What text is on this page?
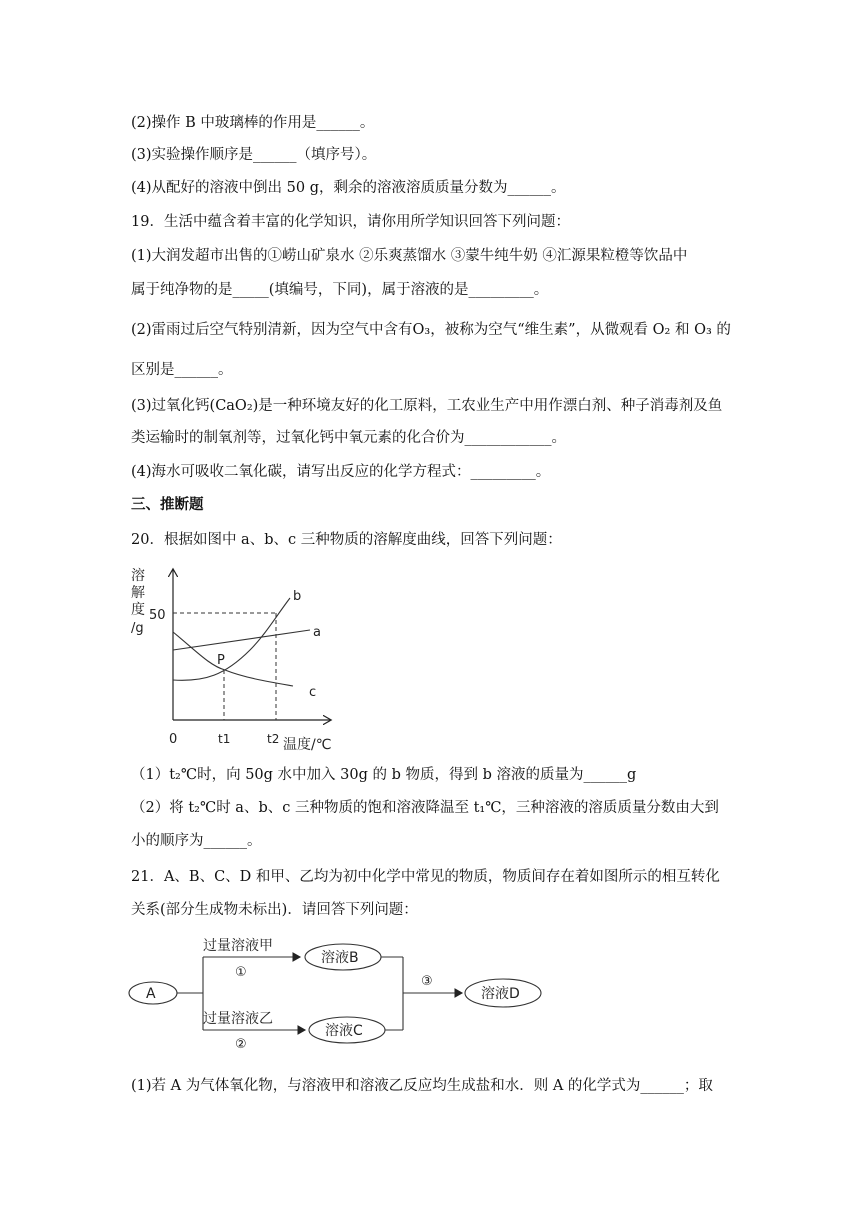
(2)操作 B 中玻璃棒的作用是______。
(3)实验操作顺序是______（填序号）。
(4)从配好的溶液中倒出 50 g，剩余的溶液溶质质量分数为______。
19．生活中蕴含着丰富的化学知识，请你用所学知识回答下列问题：
(1)大润发超市出售的①崂山矿泉水 ②乐爽蒸馏水 ③蒙牛纯牛奶 ④汇源果粒橙等饮品中
属于纯净物的是_____(填编号，下同)，属于溶液的是_________。
(2)雷雨过后空气特别清新，因为空气中含有O₃，被称为空气“维生素”，从微观看 O₂ 和 O₃ 的
区别是______。
(3)过氧化钙(CaO₂)是一种环境友好的化工原料，工农业生产中用作漂白剂、种子消毒剂及鱼
类运输时的制氧剂等，过氧化钙中氧元素的化合价为____________。
(4)海水可吸收二氧化碳，请写出反应的化学方程式：_________。
三、推断题
20．根据如图中 a、b、c 三种物质的溶解度曲线，回答下列问题：
（1）t₂℃时，向 50g 水中加入 30g 的 b 物质，得到 b 溶液的质量为______g
（2）将 t₂℃时 a、b、c 三种物质的饱和溶液降温至 t₁℃，三种溶液的溶质质量分数由大到
小的顺序为______。
21．A、B、C、D 和甲、乙均为初中化学中常见的物质，物质间存在着如图所示的相互转化
关系(部分生成物未标出)．请回答下列问题：
(1)若 A 为气体氧化物，与溶液甲和溶液乙反应均生成盐和水．则 A 的化学式为______；取
溶
解
度
/g
50
0	t1	t2 温度/℃
b
a
c
P
A
过量溶液甲
①
过量溶液乙
②
溶液B
溶液C
③
溶液D
